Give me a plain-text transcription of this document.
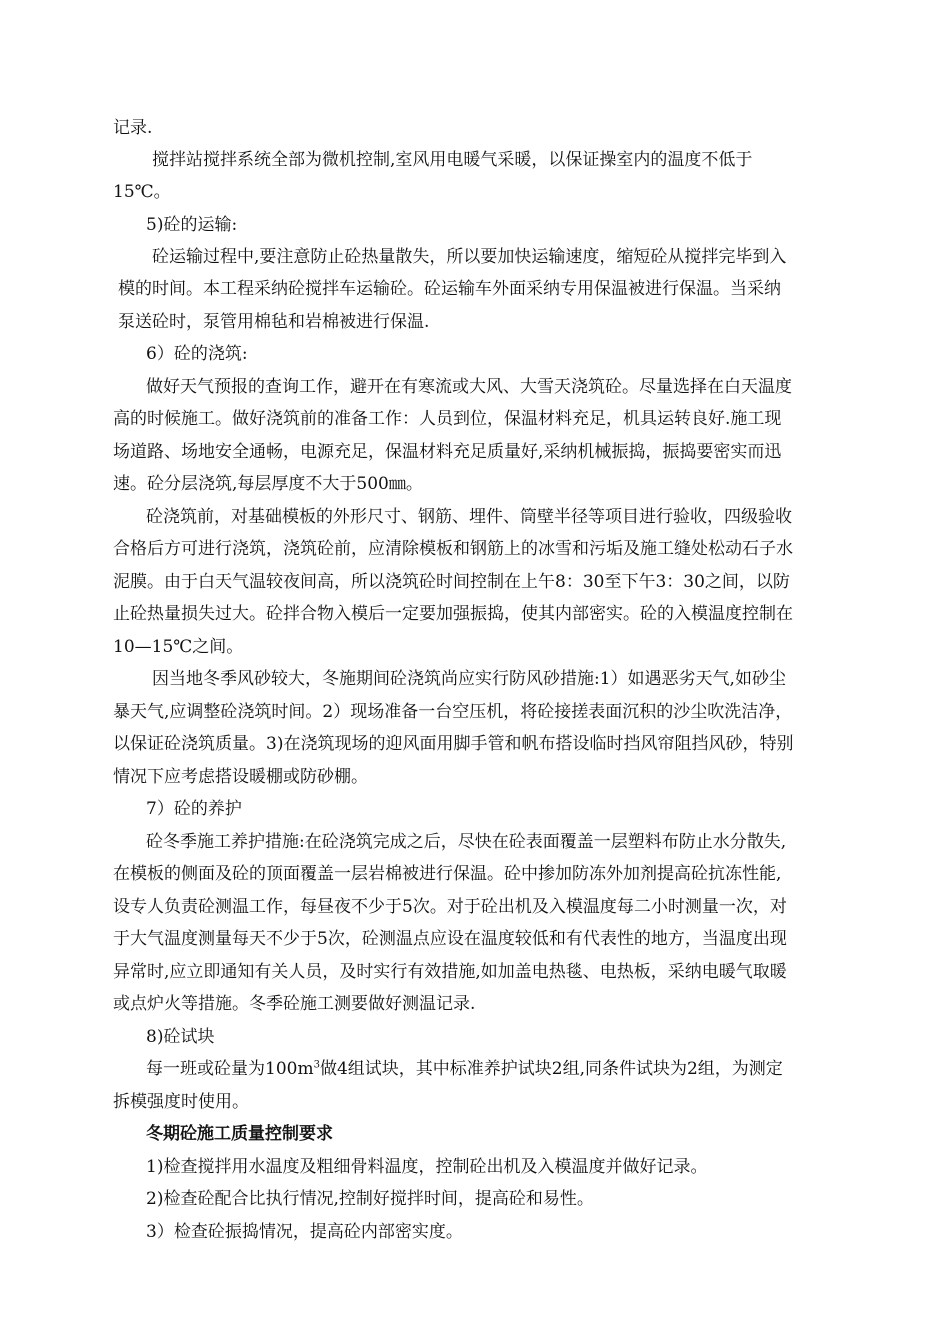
记录.
搅拌站搅拌系统全部为微机控制,室风用电暖气采暖，以保证操室内的温度不低于
15℃。
5)砼的运输:
砼运输过程中,要注意防止砼热量散失，所以要加快运输速度，缩短砼从搅拌完毕到入
模的时间。本工程采纳砼搅拌车运输砼。砼运输车外面采纳专用保温被进行保温。当采纳
泵送砼时，泵管用棉毡和岩棉被进行保温.
6）砼的浇筑:
做好天气预报的查询工作，避开在有寒流或大风、大雪天浇筑砼。尽量选择在白天温度
高的时候施工。做好浇筑前的准备工作：人员到位，保温材料充足，机具运转良好.施工现
场道路、场地安全通畅，电源充足，保温材料充足质量好,采纳机械振捣，振捣要密实而迅
速。砼分层浇筑,每层厚度不大于500㎜。
砼浇筑前，对基础模板的外形尺寸、钢筋、埋件、筒壁半径等项目进行验收，四级验收
合格后方可进行浇筑，浇筑砼前，应清除模板和钢筋上的冰雪和污垢及施工缝处松动石子水
泥膜。由于白天气温较夜间高，所以浇筑砼时间控制在上午8：30至下午3：30之间，以防
止砼热量损失过大。砼拌合物入模后一定要加强振捣，使其内部密实。砼的入模温度控制在
10—15℃之间。
因当地冬季风砂较大，冬施期间砼浇筑尚应实行防风砂措施:1）如遇恶劣天气,如砂尘
暴天气,应调整砼浇筑时间。2）现场准备一台空压机，将砼接搓表面沉积的沙尘吹洗洁净，
以保证砼浇筑质量。3)在浇筑现场的迎风面用脚手管和帆布搭设临时挡风帘阻挡风砂，特别
情况下应考虑搭设暖棚或防砂棚。
7）砼的养护
砼冬季施工养护措施:在砼浇筑完成之后，尽快在砼表面覆盖一层塑料布防止水分散失,
在模板的侧面及砼的顶面覆盖一层岩棉被进行保温。砼中掺加防冻外加剂提高砼抗冻性能,
设专人负责砼测温工作，每昼夜不少于5次。对于砼出机及入模温度每二小时测量一次，对
于大气温度测量每天不少于5次，砼测温点应设在温度较低和有代表性的地方，当温度出现
异常时,应立即通知有关人员，及时实行有效措施,如加盖电热毯、电热板，采纳电暖气取暖
或点炉火等措施。冬季砼施工测要做好测温记录.
8)砼试块
每一班或砼量为$100m^3$做4组试块，其中标准养护试块2组,同条件试块为2组，为测定
拆模强度时使用。
冬期砼施工质量控制要求
1)检查搅拌用水温度及粗细骨料温度，控制砼出机及入模温度并做好记录。
2)检查砼配合比执行情况,控制好搅拌时间，提高砼和易性。
3）检查砼振捣情况，提高砼内部密实度。
